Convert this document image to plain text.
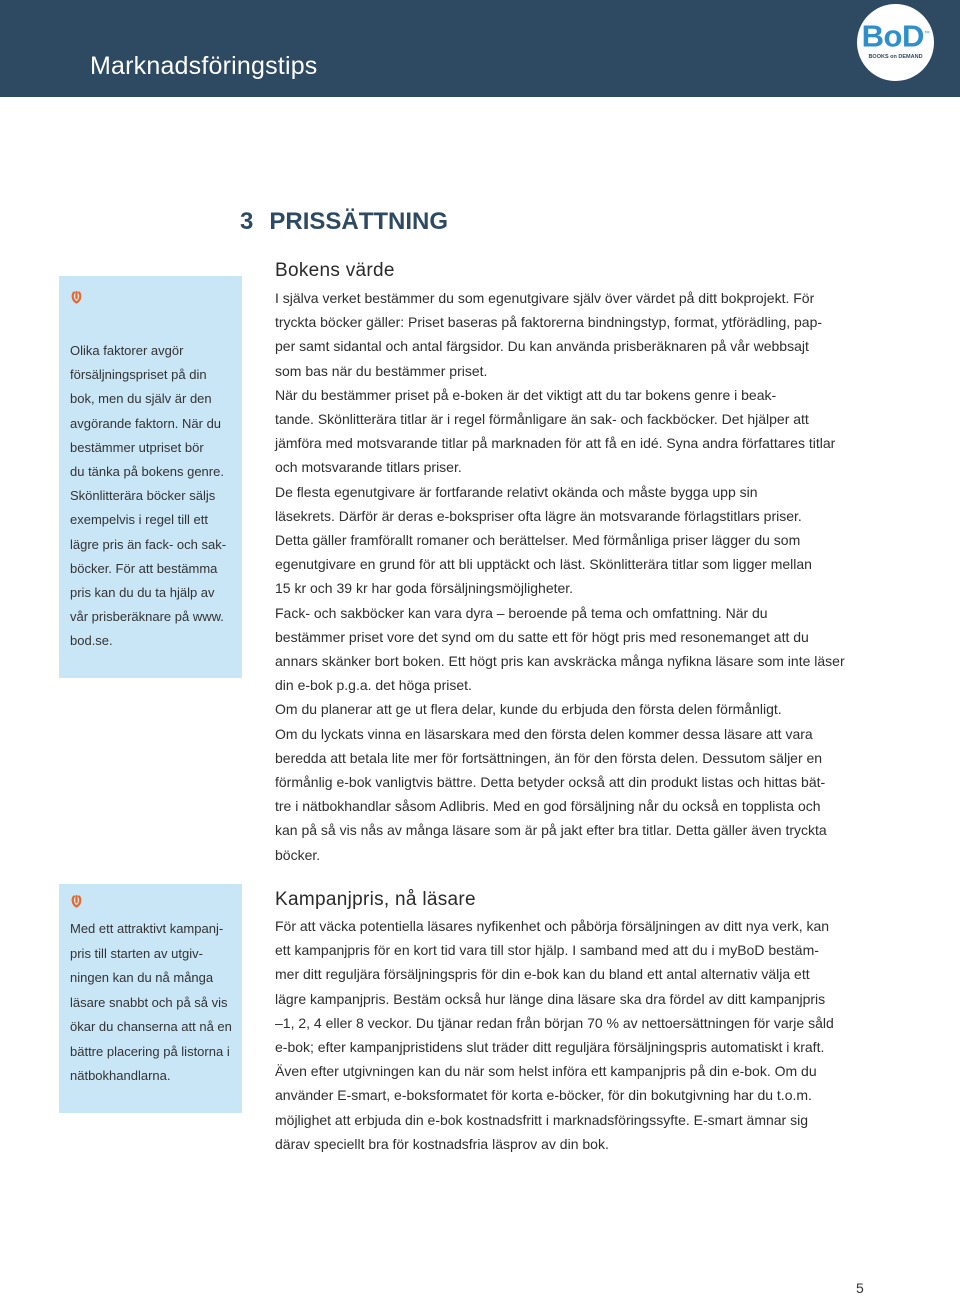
Marknadsföringstips
BoD™
BOOKS on DEMAND
3 PRISSÄTTNING
Olika faktorer avgör
försäljningspriset på din
bok, men du själv är den
avgörande faktorn. När du
bestämmer utpriset bör
du tänka på bokens genre.
Skönlitterära böcker säljs
exempelvis i regel till ett
lägre pris än fack- och sak-
böcker. För att bestämma
pris kan du du ta hjälp av
vår prisberäknare på www.
bod.se.
Med ett attraktivt kampanj-
pris till starten av utgiv-
ningen kan du nå många
läsare snabbt och på så vis
ökar du chanserna att nå en
bättre placering på listorna i
nätbokhandlarna.
Bokens värde
I själva verket bestämmer du som egenutgivare själv över värdet på ditt bokprojekt. För
tryckta böcker gäller: Priset baseras på faktorerna bindningstyp, format, ytförädling, pap-
per samt sidantal och antal färgsidor. Du kan använda prisberäknaren på vår webbsajt
som bas när du bestämmer priset.
När du bestämmer priset på e-boken är det viktigt att du tar bokens genre i beak-
tande. Skönlitterära titlar är i regel förmånligare än sak- och fackböcker. Det hjälper att
jämföra med motsvarande titlar på marknaden för att få en idé. Syna andra författares titlar
och motsvarande titlars priser.
De flesta egenutgivare är fortfarande relativt okända och måste bygga upp sin
läsekrets. Därför är deras e-bokspriser ofta lägre än motsvarande förlagstitlars priser.
Detta gäller framförallt romaner och berättelser. Med förmånliga priser lägger du som
egenutgivare en grund för att bli upptäckt och läst. Skönlitterära titlar som ligger mellan
15 kr och 39 kr har goda försäljningsmöjligheter.
Fack- och sakböcker kan vara dyra – beroende på tema och omfattning. När du
bestämmer priset vore det synd om du satte ett för högt pris med resonemanget att du
annars skänker bort boken. Ett högt pris kan avskräcka många nyfikna läsare som inte läser
din e-bok p.g.a. det höga priset.
Om du planerar att ge ut flera delar, kunde du erbjuda den första delen förmånligt.
Om du lyckats vinna en läsarskara med den första delen kommer dessa läsare att vara
beredda att betala lite mer för fortsättningen, än för den första delen. Dessutom säljer en
förmånlig e-bok vanligtvis bättre. Detta betyder också att din produkt listas och hittas bät-
tre i nätbokhandlar såsom Adlibris. Med en god försäljning når du också en topplista och
kan på så vis nås av många läsare som är på jakt efter bra titlar. Detta gäller även tryckta
böcker.
Kampanjpris, nå läsare
För att väcka potentiella läsares nyfikenhet och påbörja försäljningen av ditt nya verk, kan
ett kampanjpris för en kort tid vara till stor hjälp. I samband med att du i myBoD bestäm-
mer ditt reguljära försäljningspris för din e-bok kan du bland ett antal alternativ välja ett
lägre kampanjpris. Bestäm också hur länge dina läsare ska dra fördel av ditt kampanjpris
–1, 2, 4 eller 8 veckor. Du tjänar redan från början 70 % av nettoersättningen för varje såld
e-bok; efter kampanjpristidens slut träder ditt reguljära försäljningspris automatiskt i kraft.
Även efter utgivningen kan du när som helst införa ett kampanjpris på din e-bok. Om du
använder E-smart, e-boksformatet för korta e-böcker, för din bokutgivning har du t.o.m.
möjlighet att erbjuda din e-bok kostnadsfritt i marknadsföringssyfte. E-smart ämnar sig
därav speciellt bra för kostnadsfria läsprov av din bok.
5
